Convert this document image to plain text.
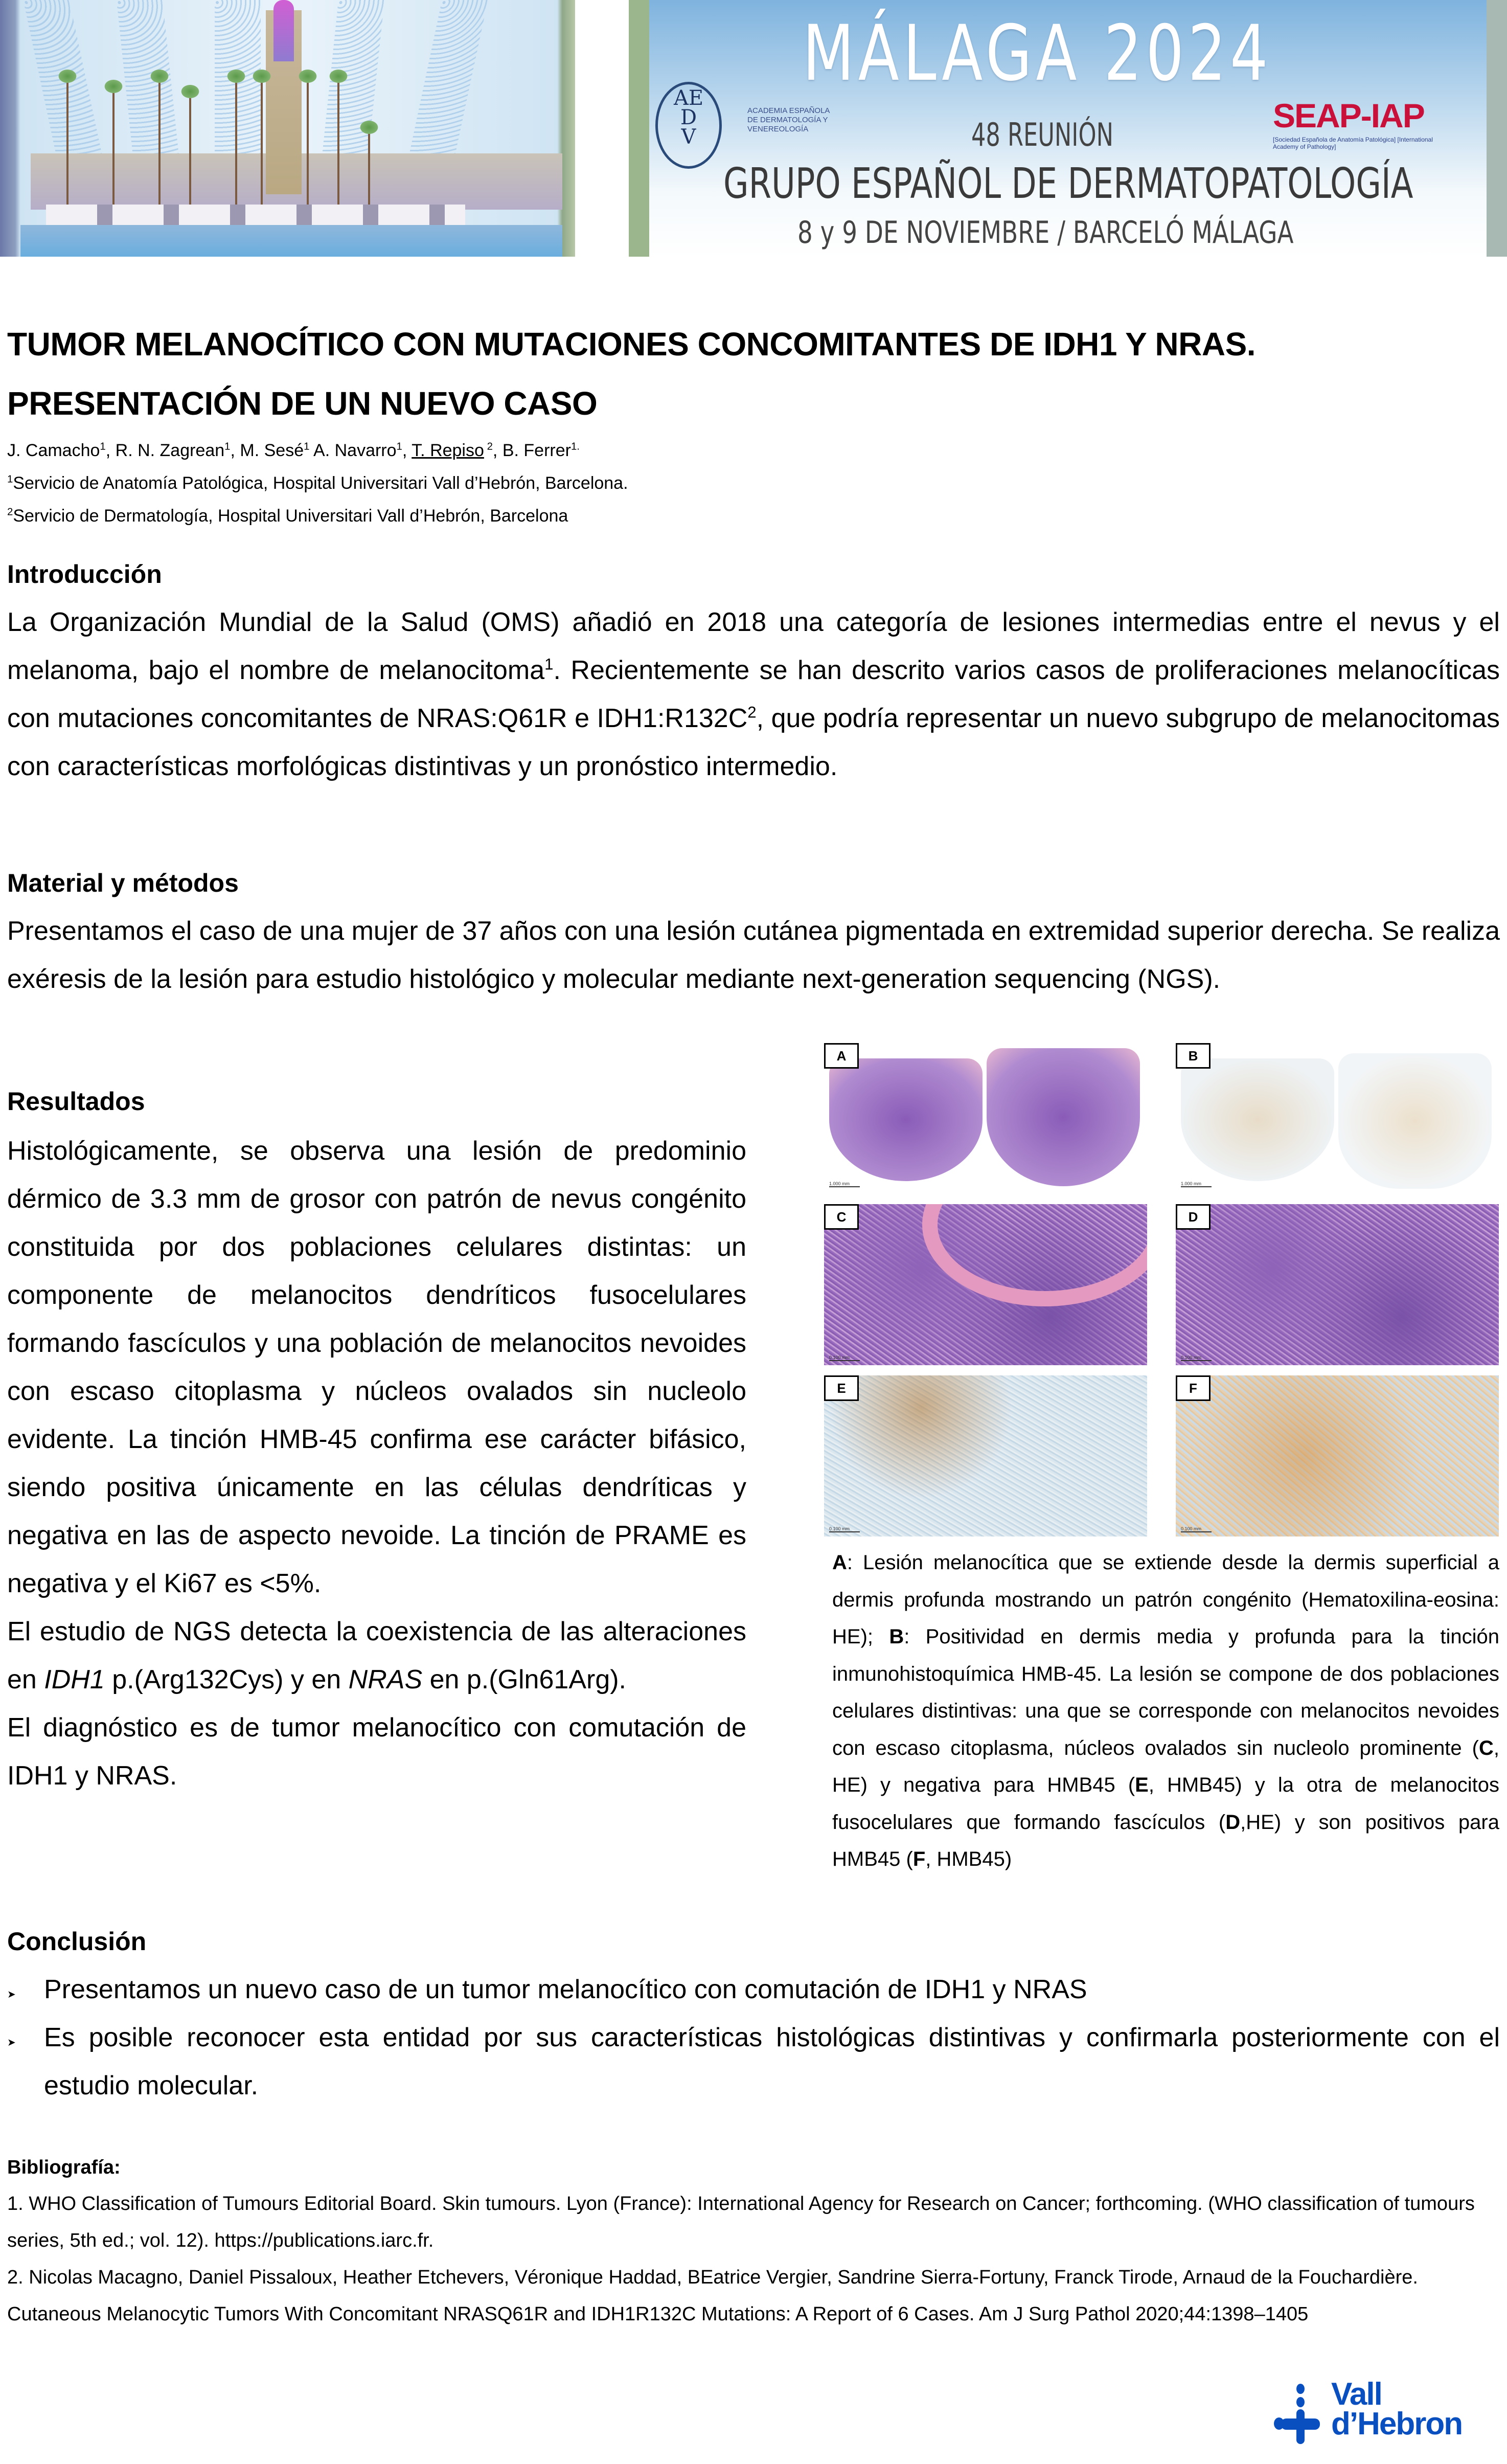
MÁLAGA 2024
AEDV
ACADEMIA ESPAÑOLA DE DERMATOLOGÍA Y VENEREOLOGÍA	48 REUNIÓN
SEAP-IAP
[Sociedad Española de Anatomía Patológica] [International Academy of Pathology]
GRUPO ESPAÑOL DE DERMATOPATOLOGÍA
8 y 9 DE NOVIEMBRE / BARCELÓ MÁLAGA
TUMOR MELANOCÍTICO CON MUTACIONES CONCOMITANTES DE IDH1 Y NRAS.
PRESENTACIÓN DE UN NUEVO CASO
J. Camacho$^1$, R. N. Zagrean$^1$, M. Sesé$^1$ A. Navarro$^1$, T. Repiso $^2$, B. Ferrer$^{1.}$
$^1$Servicio de Anatomía Patológica, Hospital Universitari Vall d’Hebrón, Barcelona.
$^2$Servicio de Dermatología, Hospital Universitari Vall d’Hebrón, Barcelona
Introducción
La Organización Mundial de la Salud (OMS) añadió en 2018 una categoría de lesiones intermedias entre el nevus y el melanoma, bajo el nombre de melanocitoma$^1$. Recientemente se han descrito varios casos de proliferaciones melanocíticas con mutaciones concomitantes de NRAS:Q61R e $IDH1:R132C^2$, que podría representar un nuevo subgrupo de melanocitomas con características morfológicas distintivas y un pronóstico intermedio.
Material y métodos
Presentamos el caso de una mujer de 37 años con una lesión cutánea pigmentada en extremidad superior derecha. Se realiza exéresis de la lesión para estudio histológico y molecular mediante next-generation sequencing (NGS).
Resultados
Histológicamente, se observa una lesión de predominio dérmico de 3.3 mm de grosor con patrón de nevus congénito constituida por dos poblaciones celulares distintas: un componente de melanocitos dendríticos fusocelulares formando fascículos y una población de melanocitos nevoides con escaso citoplasma y núcleos ovalados sin nucleolo evidente. La tinción HMB-45 confirma ese carácter bifásico, siendo positiva únicamente en las células dendríticas y negativa en las de aspecto nevoide. La tinción de PRAME es negativa y el Ki67 es <5%.
El estudio de NGS detecta la coexistencia de las alteraciones en IDH1 p.(Arg132Cys) y en NRAS en p.(Gln61Arg).
El diagnóstico es de tumor melanocítico con comutación de IDH1 y NRAS.
A
1.000 mm
B
1.000 mm
C
0.100 mm
D
0.100 mm
E
0.100 mm
F
0.100 mm
A: Lesión melanocítica que se extiende desde la dermis superficial a dermis profunda mostrando un patrón congénito (Hematoxilina-eosina: HE); B: Positividad en dermis media y profunda para la tinción inmunohistoquímica HMB-45. La lesión se compone de dos poblaciones celulares distintivas: una que se corresponde con melanocitos nevoides con escaso citoplasma, núcleos ovalados sin nucleolo prominente (C, HE) y negativa para HMB45 (E, HMB45) y la otra de melanocitos fusocelulares que formando fascículos (D,HE) y son positivos para HMB45 (F, HMB45)
Conclusión
➤ Presentamos un nuevo caso de un tumor melanocítico con comutación de IDH1 y NRAS
➤ Es posible reconocer esta entidad por sus características histológicas distintivas y confirmarla posteriormente con el estudio molecular.
Bibliografía:
1. WHO Classification of Tumours Editorial Board. Skin tumours. Lyon (France): International Agency for Research on Cancer; forthcoming. (WHO classification of tumours series, 5th ed.; vol. 12). https://publications.iarc.fr.
2. Nicolas Macagno, Daniel Pissaloux, Heather Etchevers, Véronique Haddad, BEatrice Vergier, Sandrine Sierra-Fortuny, Franck Tirode, Arnaud de la Fouchardière. Cutaneous Melanocytic Tumors With Concomitant NRASQ61R and IDH1R132C Mutations: A Report of 6 Cases. Am J Surg Pathol 2020;44:1398–1405
Vall
d’Hebron
